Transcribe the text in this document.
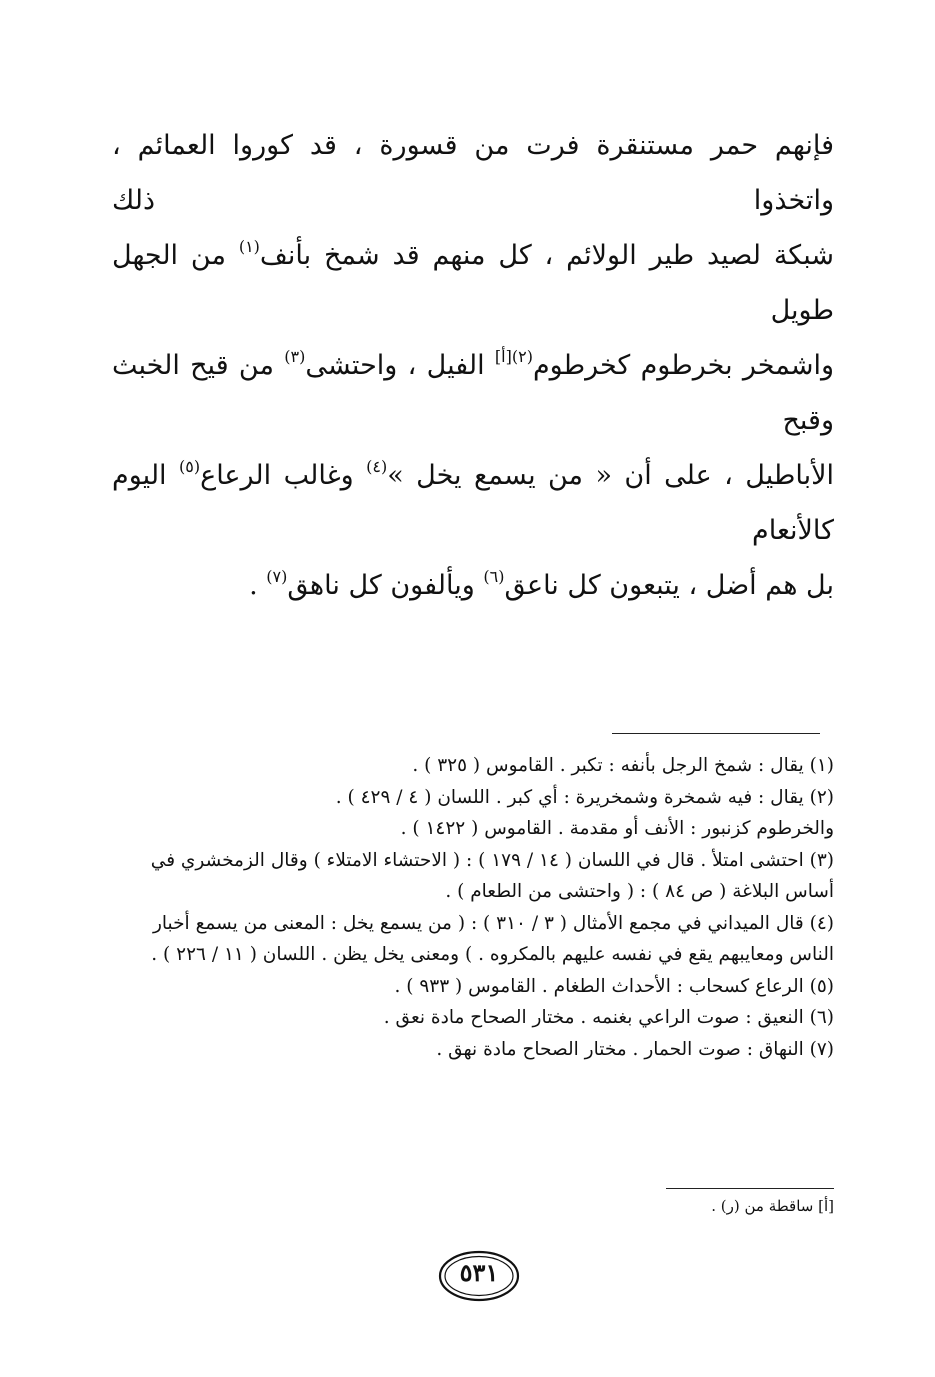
فإنهم حمر مستنقرة فرت من قسورة ، قد كوروا العمائم ، واتخذوا ذلك

شبكة لصيد طير الولائم ، كل منهم قد شمخ بأنف$^{(١)}$ من الجهل طويل

واشمخر بخرطوم كخرطوم$^{(٢)[أ]}$ الفيل ، واحتشى$^{(٣)}$ من قيح الخبث وقبح

الأباطيل ، على أن « من يسمع يخل »$^{(٤)}$ وغالب الرعاع$^{(٥)}$ اليوم كالأنعام

بل هم أضل ، يتبعون كل ناعق$^{(٦)}$ ويألفون كل ناهق$^{(٧)}$ .

(١) يقال : شمخ الرجل بأنفه : تكبر . القاموس ( ٣٢٥ ) .

(٢) يقال : فيه شمخرة وشمخريرة : أي كبر . اللسان ( ٤ / ٤٢٩ ) .

والخرطوم كزنبور : الأنف أو مقدمة . القاموس ( ١٤٢٢ ) .

(٣) احتشى امتلأ . قال في اللسان ( ١٤ / ١٧٩ ) : ( الاحتشاء الامتلاء ) وقال الزمخشري في

أساس البلاغة ( ص ٨٤ ) : ( واحتشى من الطعام ) .

(٤) قال الميداني في مجمع الأمثال ( ٣ / ٣١٠ ) : ( من يسمع يخل : المعنى من يسمع أخبار

الناس ومعايبهم يقع في نفسه عليهم بالمكروه . ) ومعنى يخل يظن . اللسان ( ١١ / ٢٢٦ ) .

(٥) الرعاع كسحاب : الأحداث الطغام . القاموس ( ٩٣٣ ) .

(٦) النعيق : صوت الراعي بغنمه . مختار الصحاح مادة نعق .

(٧) النهاق : صوت الحمار . مختار الصحاح مادة نهق .

[أ] ساقطة من (ر) .
٥٣١
